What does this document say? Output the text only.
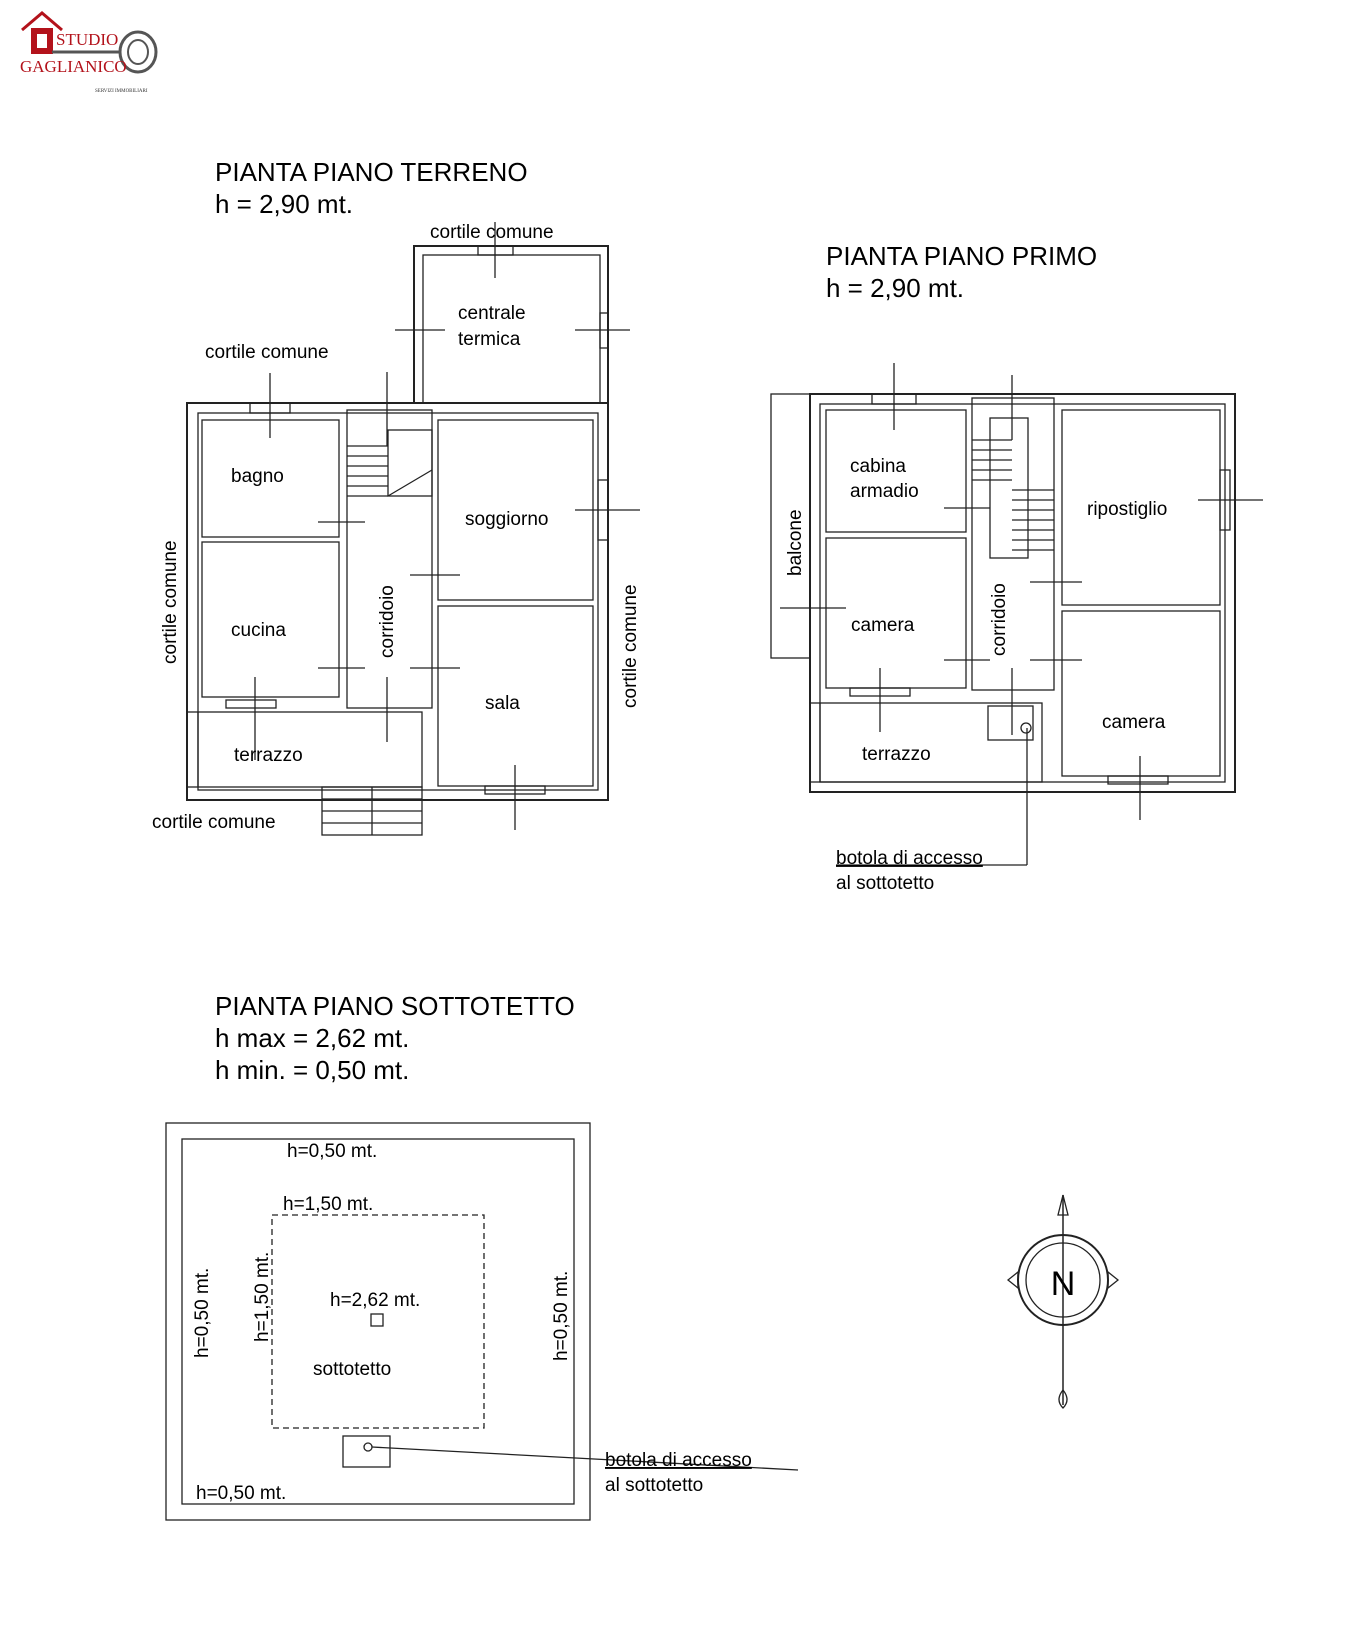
STUDIO
GAGLIANICO
SERVIZI IMMOBILIARI
PIANTA PIANO TERRENO
h = 2,90 mt.
centrale
termica
bagno
cucina	corridoio
soggiorno
sala
terrazzo
cortile comune
cortile comune
cortile comune	cortile comune
cortile comune
PIANTA PIANO PRIMO
h = 2,90 mt.
cabina
armadio
balcone
camera	corridoio
ripostiglio
camera
terrazzo
botola di accesso
al sottotetto
PIANTA PIANO SOTTOTETTO
h max = 2,62 mt.
h min. = 0,50 mt.
h=0,50 mt.
h=1,50 mt.
h=1,50 mt.
h=0,50 mt.	h=0,50 mt.
h=2,62 mt.
sottotetto
h=0,50 mt.
botola di accesso
al sottotetto
N
